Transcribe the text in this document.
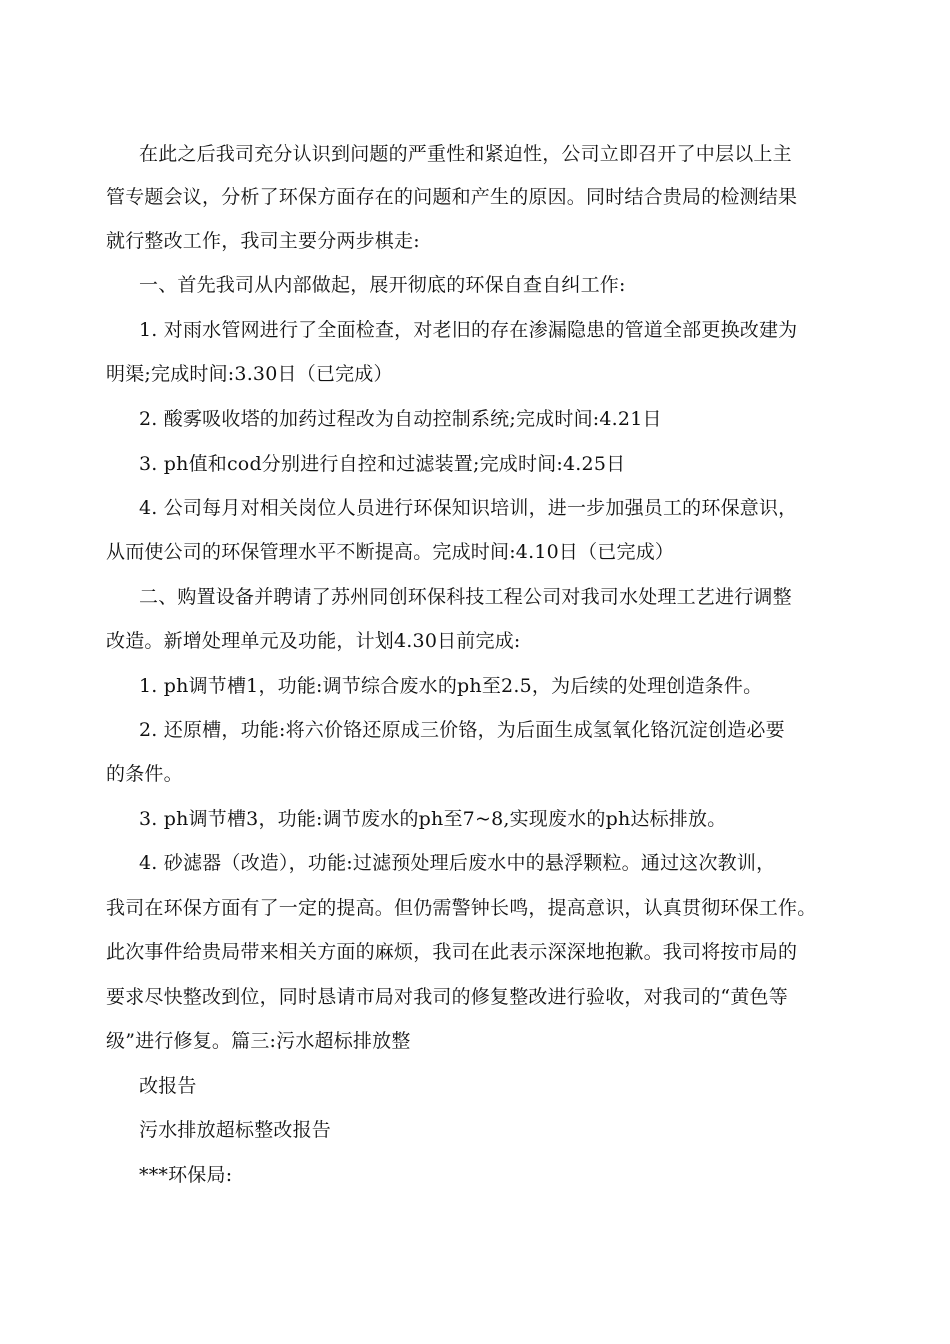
在此之后我司充分认识到问题的严重性和紧迫性，公司立即召开了中层以上主
管专题会议，分析了环保方面存在的问题和产生的原因。同时结合贵局的检测结果
就行整改工作，我司主要分两步棋走:
一、首先我司从内部做起，展开彻底的环保自查自纠工作:
1. 对雨水管网进行了全面检查，对老旧的存在渗漏隐患的管道全部更换改建为
明渠;完成时间:3.30日（已完成）
2. 酸雾吸收塔的加药过程改为自动控制系统;完成时间:4.21日
3. ph值和cod分别进行自控和过滤装置;完成时间:4.25日
4. 公司每月对相关岗位人员进行环保知识培训，进一步加强员工的环保意识，
从而使公司的环保管理水平不断提高。完成时间:4.10日（已完成）
二、购置设备并聘请了苏州同创环保科技工程公司对我司水处理工艺进行调整
改造。新增处理单元及功能，计划4.30日前完成:
1. ph调节槽1，功能:调节综合废水的ph至2.5，为后续的处理创造条件。
2. 还原槽，功能:将六价铬还原成三价铬，为后面生成氢氧化铬沉淀创造必要
的条件。
3. ph调节槽3，功能:调节废水的ph至7~8,实现废水的ph达标排放。
4. 砂滤器（改造），功能:过滤预处理后废水中的悬浮颗粒。通过这次教训，
我司在环保方面有了一定的提高。但仍需警钟长鸣，提高意识，认真贯彻环保工作。
此次事件给贵局带来相关方面的麻烦，我司在此表示深深地抱歉。我司将按市局的
要求尽快整改到位，同时恳请市局对我司的修复整改进行验收，对我司的“黄色等
级”进行修复。篇三:污水超标排放整
改报告
污水排放超标整改报告
***环保局:
